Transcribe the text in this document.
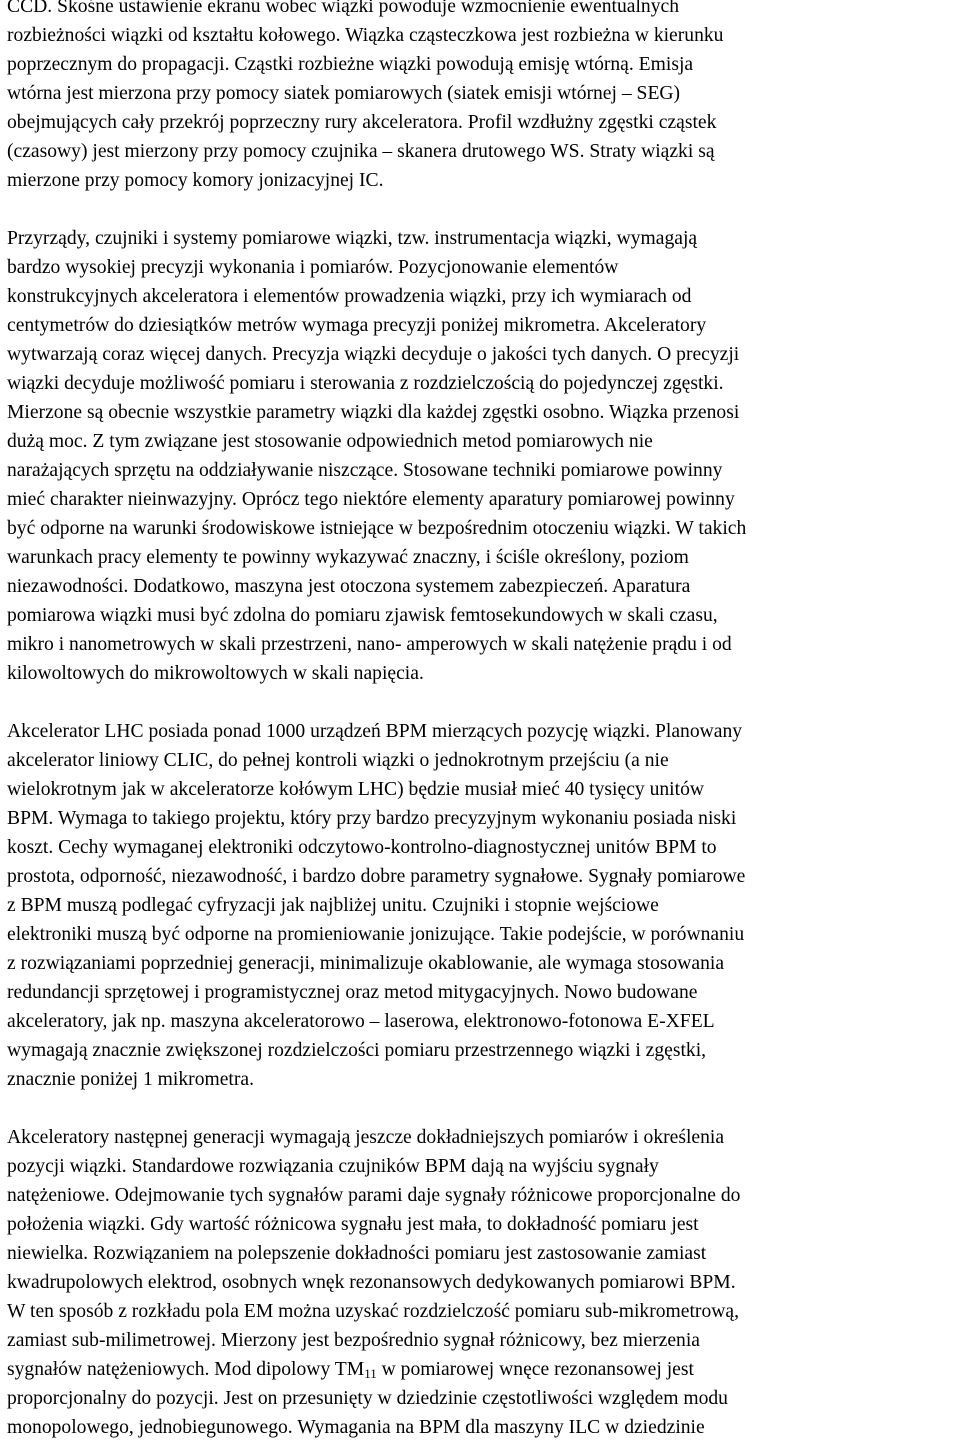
CCD. Skośne ustawienie ekranu wobec wiązki powoduje wzmocnienie ewentualnych
rozbieżności wiązki od kształtu kołowego. Wiązka cząsteczkowa jest rozbieżna w kierunku
poprzecznym do propagacji. Cząstki rozbieżne wiązki powodują emisję wtórną. Emisja
wtórna jest mierzona przy pomocy siatek pomiarowych (siatek emisji wtórnej – SEG)
obejmujących cały przekrój poprzeczny rury akceleratora. Profil wzdłużny zgęstki cząstek
(czasowy) jest mierzony przy pomocy czujnika – skanera drutowego WS. Straty wiązki są
mierzone przy pomocy komory jonizacyjnej IC.
Przyrządy, czujniki i systemy pomiarowe wiązki, tzw. instrumentacja wiązki, wymagają
bardzo wysokiej precyzji wykonania i pomiarów. Pozycjonowanie elementów
konstrukcyjnych akceleratora i elementów prowadzenia wiązki, przy ich wymiarach od
centymetrów do dziesiątków metrów wymaga precyzji poniżej mikrometra. Akceleratory
wytwarzają coraz więcej danych. Precyzja wiązki decyduje o jakości tych danych. O precyzji
wiązki decyduje możliwość pomiaru i sterowania z rozdzielczością do pojedynczej zgęstki.
Mierzone są obecnie wszystkie parametry wiązki dla każdej zgęstki osobno. Wiązka przenosi
dużą moc. Z tym związane jest stosowanie odpowiednich metod pomiarowych nie
narażających sprzętu na oddziaływanie niszczące. Stosowane techniki pomiarowe powinny
mieć charakter nieinwazyjny. Oprócz tego niektóre elementy aparatury pomiarowej powinny
być odporne na warunki środowiskowe istniejące w bezpośrednim otoczeniu wiązki. W takich
warunkach pracy elementy te powinny wykazywać znaczny, i ściśle określony, poziom
niezawodności. Dodatkowo, maszyna jest otoczona systemem zabezpieczeń. Aparatura
pomiarowa wiązki musi być zdolna do pomiaru zjawisk femtosekundowych w skali czasu,
mikro i nanometrowych w skali przestrzeni, nano- amperowych w skali natężenie prądu i od
kilowoltowych do mikrowoltowych w skali napięcia.
Akcelerator LHC posiada ponad 1000 urządzeń BPM mierzących pozycję wiązki. Planowany
akcelerator liniowy CLIC, do pełnej kontroli wiązki o jednokrotnym przejściu (a nie
wielokrotnym jak w akceleratorze kołówym LHC) będzie musiał mieć 40 tysięcy unitów
BPM. Wymaga to takiego projektu, który przy bardzo precyzyjnym wykonaniu posiada niski
koszt. Cechy wymaganej elektroniki odczytowo-kontrolno-diagnostycznej unitów BPM to
prostota, odporność, niezawodność, i bardzo dobre parametry sygnałowe. Sygnały pomiarowe
z BPM muszą podlegać cyfryzacji jak najbliżej unitu. Czujniki i stopnie wejściowe
elektroniki muszą być odporne na promieniowanie jonizujące. Takie podejście, w porównaniu
z rozwiązaniami poprzedniej generacji, minimalizuje okablowanie, ale wymaga stosowania
redundancji sprzętowej i programistycznej oraz metod mitygacyjnych. Nowo budowane
akceleratory, jak np. maszyna akceleratorowo – laserowa, elektronowo-fotonowa E-XFEL
wymagają znacznie zwiększonej rozdzielczości pomiaru przestrzennego wiązki i zgęstki,
znacznie poniżej 1 mikrometra.
Akceleratory następnej generacji wymagają jeszcze dokładniejszych pomiarów i określenia
pozycji wiązki. Standardowe rozwiązania czujników BPM dają na wyjściu sygnały
natężeniowe. Odejmowanie tych sygnałów parami daje sygnały różnicowe proporcjonalne do
położenia wiązki. Gdy wartość różnicowa sygnału jest mała, to dokładność pomiaru jest
niewielka. Rozwiązaniem na polepszenie dokładności pomiaru jest zastosowanie zamiast
kwadrupolowych elektrod, osobnych wnęk rezonansowych dedykowanych pomiarowi BPM.
W ten sposób z rozkładu pola EM można uzyskać rozdzielczość pomiaru sub-mikrometrową,
zamiast sub-milimetrowej. Mierzony jest bezpośrednio sygnał różnicowy, bez mierzenia
sygnałów natężeniowych. Mod dipolowy $TM_{11}$ w pomiarowej wnęce rezonansowej jest
proporcjonalny do pozycji. Jest on przesunięty w dziedzinie częstotliwości względem modu
monopolowego, jednobiegunowego. Wymagania na BPM dla maszyny ILC w dziedzinie
